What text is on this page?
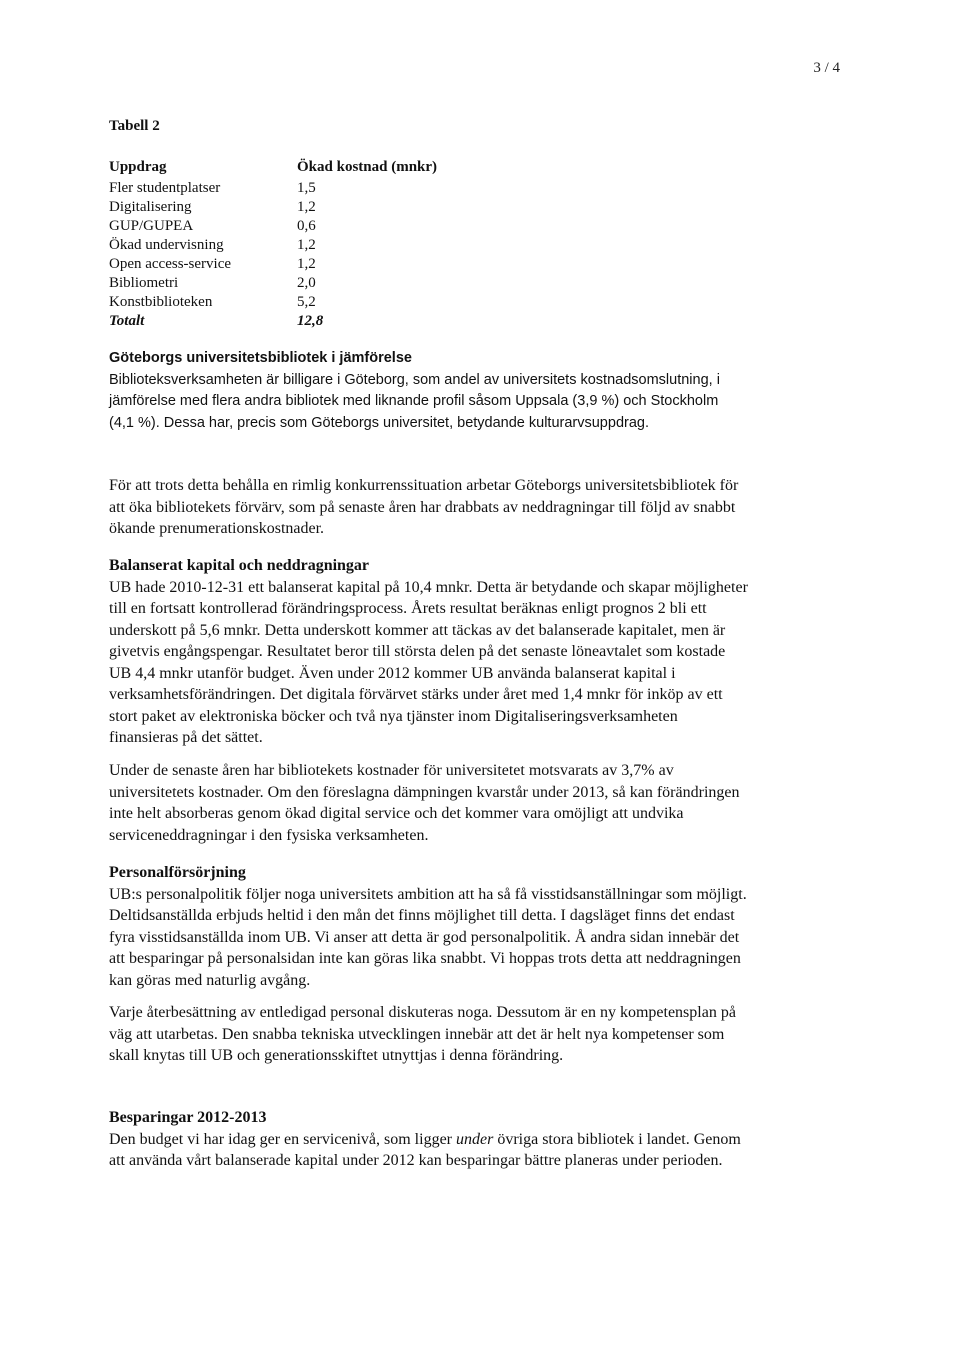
3 / 4
Tabell 2
Uppdrag	Ökad kostnad (mnkr)
Fler studentplatser	1,5
Digitalisering	1,2
GUP/GUPEA	0,6
Ökad undervisning	1,2
Open access-service	1,2
Bibliometri	2,0
Konstbiblioteken	5,2
Totalt	12,8
Göteborgs universitetsbibliotek i jämförelse

Biblioteksverksamheten är billigare i Göteborg, som andel av universitets kostnadsomslutning, i jämförelse med flera andra bibliotek med liknande profil såsom Uppsala (3,9 %) och Stockholm (4,1 %). Dessa har, precis som Göteborgs universitet, betydande kulturarvsuppdrag.

För att trots detta behålla en rimlig konkurrenssituation arbetar Göteborgs universitetsbibliotek för att öka bibliotekets förvärv, som på senaste åren har drabbats av neddragningar till följd av snabbt ökande prenumerationskostnader.

Balanserat kapital och neddragningar

UB hade 2010-12-31 ett balanserat kapital på 10,4 mnkr. Detta är betydande och skapar möjligheter till en fortsatt kontrollerad förändringsprocess. Årets resultat beräknas enligt prognos 2 bli ett underskott på 5,6 mnkr. Detta underskott kommer att täckas av det balanserade kapitalet, men är givetvis engångspengar. Resultatet beror till största delen på det senaste löneavtalet som kostade UB 4,4 mnkr utanför budget. Även under 2012 kommer UB använda balanserat kapital i verksamhetsförändringen. Det digitala förvärvet stärks under året med 1,4 mnkr för inköp av ett stort paket av elektroniska böcker och två nya tjänster inom Digitaliseringsverksamheten finansieras på det sättet.

Under de senaste åren har bibliotekets kostnader för universitetet motsvarats av 3,7% av universitetets kostnader. Om den föreslagna dämpningen kvarstår under 2013, så kan förändringen inte helt absorberas genom ökad digital service och det kommer vara omöjligt att undvika serviceneddragningar i den fysiska verksamheten.

Personalförsörjning

UB:s personalpolitik följer noga universitets ambition att ha så få visstidsanställningar som möjligt. Deltidsanställda erbjuds heltid i den mån det finns möjlighet till detta. I dagsläget finns det endast fyra visstidsanställda inom UB. Vi anser att detta är god personalpolitik. Å andra sidan innebär det att besparingar på personalsidan inte kan göras lika snabbt. Vi hoppas trots detta att neddragningen kan göras med naturlig avgång.

Varje återbesättning av entledigad personal diskuteras noga. Dessutom är en ny kompetensplan på väg att utarbetas. Den snabba tekniska utvecklingen innebär att det är helt nya kompetenser som skall knytas till UB och generationsskiftet utnyttjas i denna förändring.

Besparingar 2012-2013

Den budget vi har idag ger en servicenivå, som ligger under övriga stora bibliotek i landet. Genom att använda vårt balanserade kapital under 2012 kan besparingar bättre planeras under perioden.
